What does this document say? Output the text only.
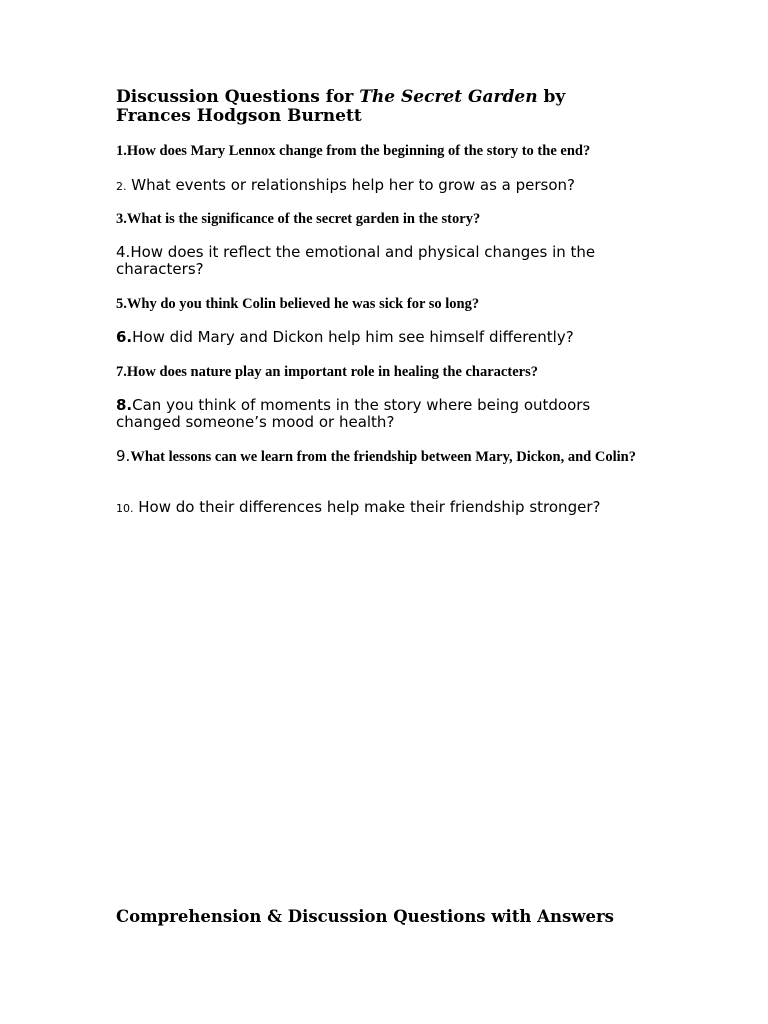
Discussion Questions for The Secret Garden by
Frances Hodgson Burnett

1.How does Mary Lennox change from the beginning of the story to the end?

2. What events or relationships help her to grow as a person?

3.What is the significance of the secret garden in the story?

4.How does it reflect the emotional and physical changes in the characters?

5.Why do you think Colin believed he was sick for so long?

6.How did Mary and Dickon help him see himself differently?

7.How does nature play an important role in healing the characters?

8.Can you think of moments in the story where being outdoors changed someone’s mood or health?

9.What lessons can we learn from the friendship between Mary, Dickon, and Colin?

10. How do their differences help make their friendship stronger?

Comprehension & Discussion Questions with Answers
